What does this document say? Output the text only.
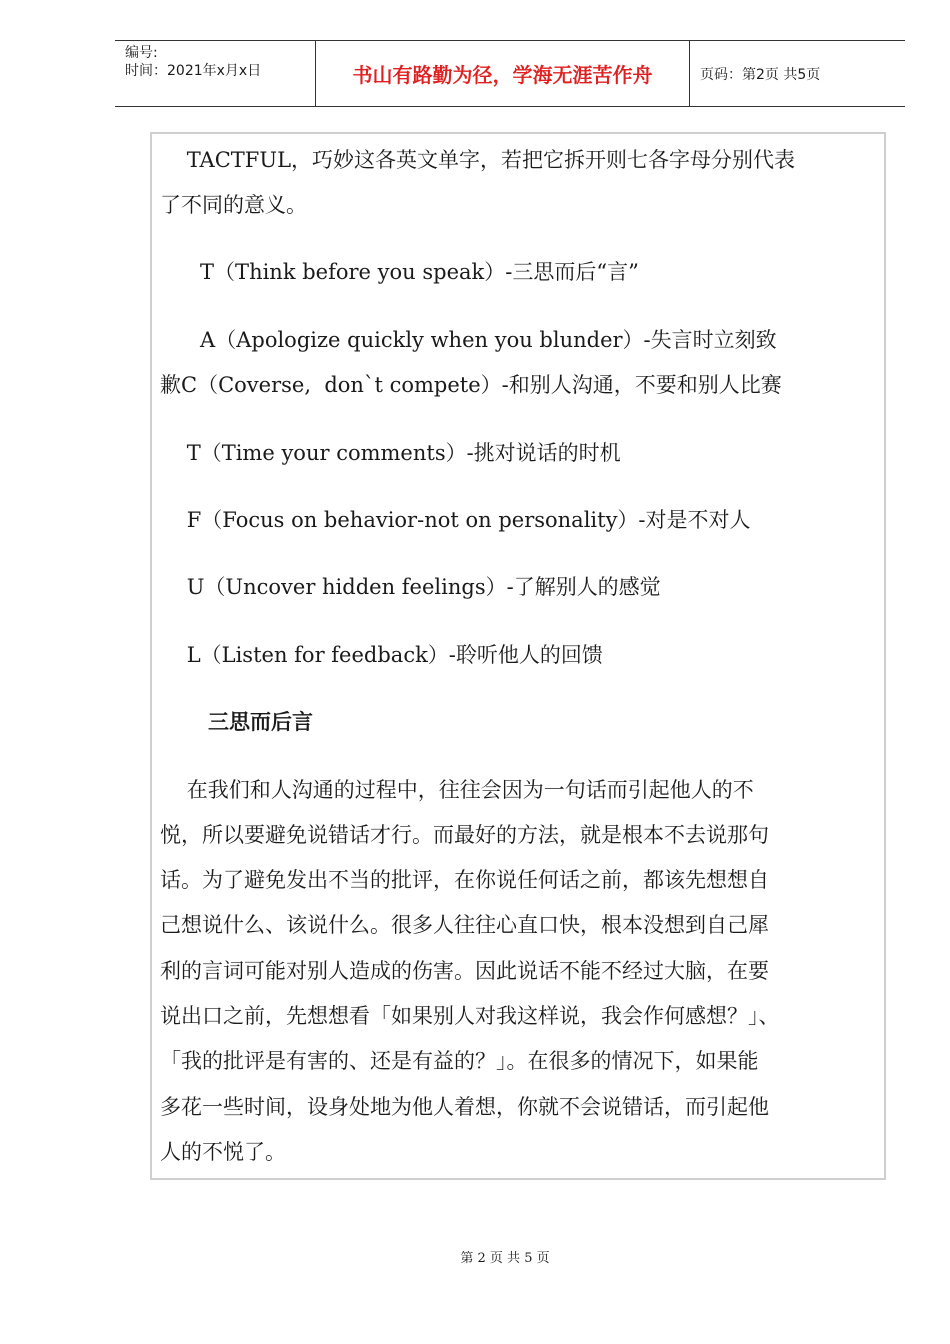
编号:
时间：2021年x月x日	书山有路勤为径，学海无涯苦作舟	页码：第2页 共5页

TACTFUL，巧妙这各英文单字，若把它拆开则七各字母分别代表

了不同的意义。

T（Think before you speak）-三思而后“言”

A（Apologize quickly when you blunder）-失言时立刻致

歉C（Coverse,  don`t compete）-和别人沟通，不要和别人比赛

T（Time your comments）-挑对说话的时机

F（Focus on behavior-not on personality）-对是不对人

U（Uncover hidden feelings）-了解别人的感觉

L（Listen for feedback）-聆听他人的回馈

三思而后言

在我们和人沟通的过程中，往往会因为一句话而引起他人的不

悦，所以要避免说错话才行。而最好的方法，就是根本不去说那句

话。为了避免发出不当的批评，在你说任何话之前，都该先想想自

己想说什么、该说什么。很多人往往心直口快，根本没想到自己犀

利的言词可能对别人造成的伤害。因此说话不能不经过大脑，在要

说出口之前，先想想看「如果别人对我这样说，我会作何感想？」、

「我的批评是有害的、还是有益的？」。在很多的情况下，如果能

多花一些时间，设身处地为他人着想，你就不会说错话，而引起他

人的不悦了。

第 2 页 共 5 页
